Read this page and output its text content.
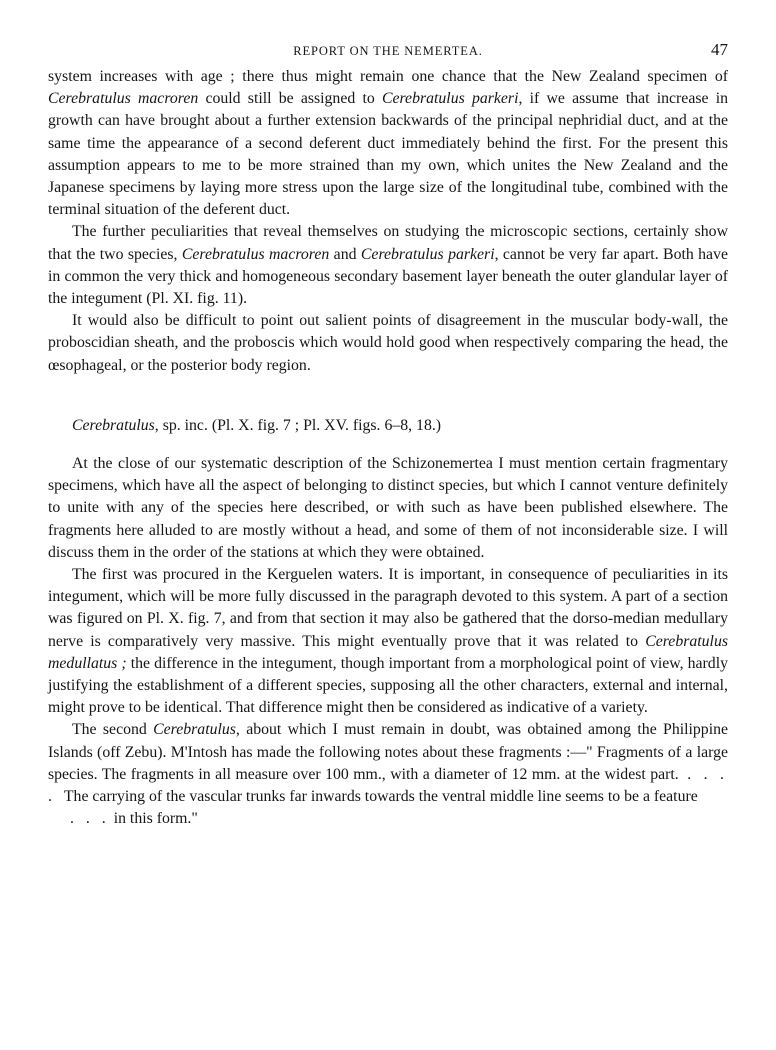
REPORT ON THE NEMERTEA.	47

system increases with age ; there thus might remain one chance that the New Zealand specimen of Cerebratulus macroren could still be assigned to Cerebratulus parkeri, if we assume that increase in growth can have brought about a further extension backwards of the principal nephridial duct, and at the same time the appearance of a second deferent duct immediately behind the first. For the present this assumption appears to me to be more strained than my own, which unites the New Zealand and the Japanese specimens by laying more stress upon the large size of the longitudinal tube, combined with the terminal situation of the deferent duct.

The further peculiarities that reveal themselves on studying the microscopic sections, certainly show that the two species, Cerebratulus macroren and Cerebratulus parkeri, cannot be very far apart. Both have in common the very thick and homogeneous secondary basement layer beneath the outer glandular layer of the integument (Pl. XI. fig. 11).

It would also be difficult to point out salient points of disagreement in the muscular body-wall, the proboscidian sheath, and the proboscis which would hold good when respectively comparing the head, the œsophageal, or the posterior body region.

Cerebratulus, sp. inc. (Pl. X. fig. 7 ; Pl. XV. figs. 6–8, 18.)

At the close of our systematic description of the Schizonemertea I must mention certain fragmentary specimens, which have all the aspect of belonging to distinct species, but which I cannot venture definitely to unite with any of the species here described, or with such as have been published elsewhere. The fragments here alluded to are mostly without a head, and some of them of not inconsiderable size. I will discuss them in the order of the stations at which they were obtained.

The first was procured in the Kerguelen waters. It is important, in consequence of peculiarities in its integument, which will be more fully discussed in the paragraph devoted to this system. A part of a section was figured on Pl. X. fig. 7, and from that section it may also be gathered that the dorso-median medullary nerve is comparatively very massive. This might eventually prove that it was related to Cerebratulus medullatus ; the difference in the integument, though important from a morphological point of view, hardly justifying the establishment of a different species, supposing all the other characters, external and internal, might prove to be identical. That difference might then be considered as indicative of a variety.

The second Cerebratulus, about which I must remain in doubt, was obtained among the Philippine Islands (off Zebu). M'Intosh has made the following notes about these fragments :—" Fragments of a large species. The fragments in all measure over 100 mm., with a diameter of 12 mm. at the widest part. . . . . The carrying of the vascular trunks far inwards towards the ventral middle line seems to be a feature

. . . in this form."
